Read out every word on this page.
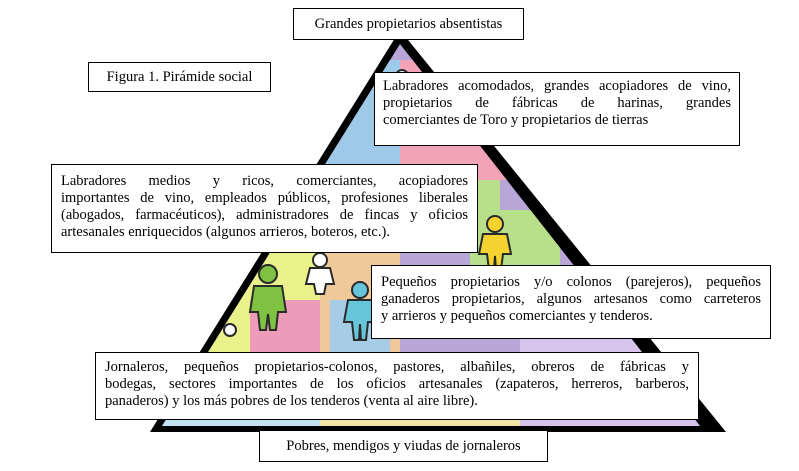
Grandes propietarios absentistas
Figura 1. Pirámide social
Labradores acomodados, grandes acopiadores de vino,
propietarios de fábricas de harinas, grandes
comerciantes de Toro y propietarios de tierras
Labradores medios y ricos, comerciantes, acopiadores
importantes de vino, empleados públicos, profesiones liberales
(abogados, farmacéuticos), administradores de fincas y oficios
artesanales enriquecidos (algunos arrieros, boteros, etc.).
Pequeños propietarios y/o colonos (parejeros), pequeños
ganaderos propietarios, algunos artesanos como carreteros
y arrieros y pequeños comerciantes y tenderos.
Jornaleros, pequeños propietarios-colonos, pastores, albañiles, obreros de fábricas y
bodegas, sectores importantes de los oficios artesanales (zapateros, herreros, barberos,
panaderos) y los más pobres de los tenderos (venta al aire libre).
Pobres, mendigos y viudas de jornaleros
